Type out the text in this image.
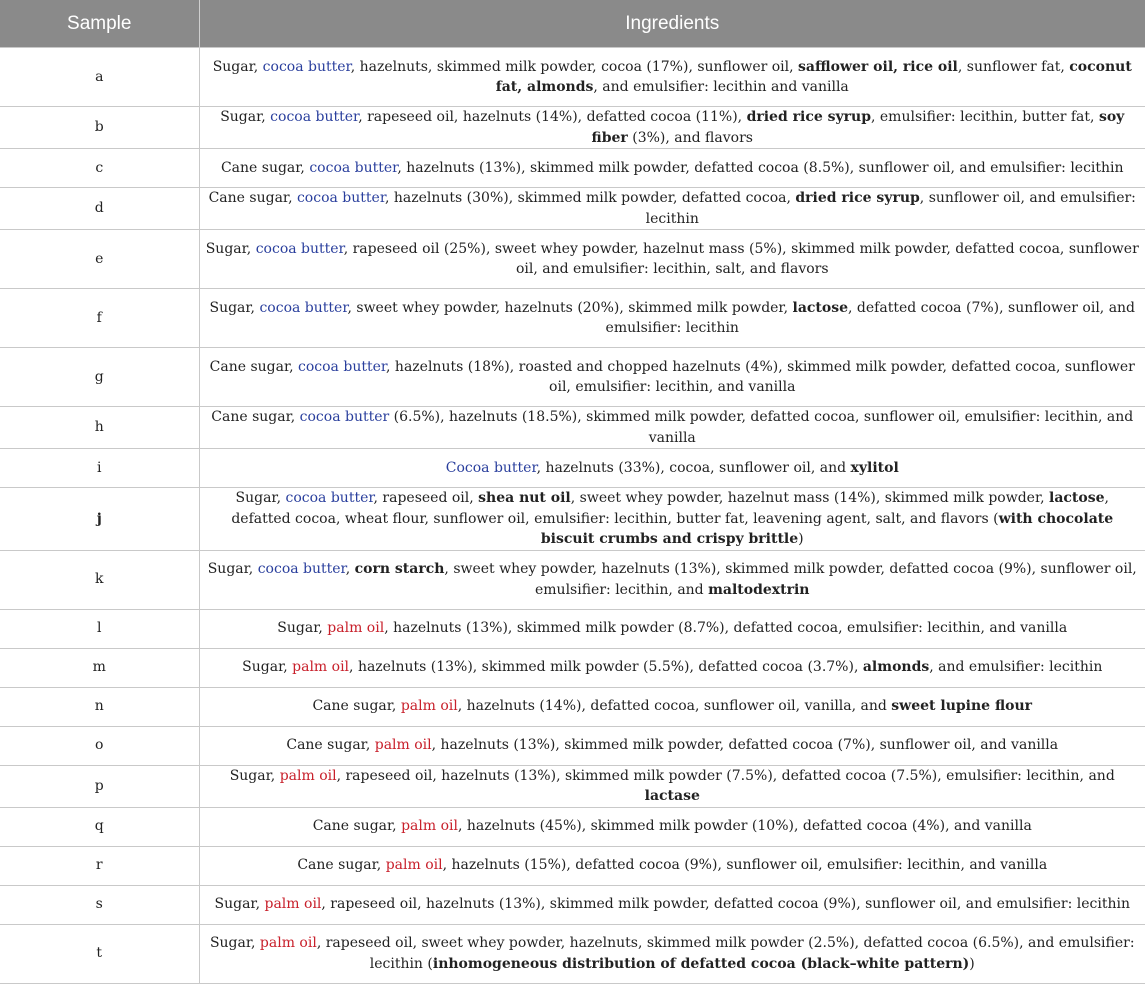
Sample	Ingredients
a	Sugar, cocoa butter, hazelnuts, skimmed milk powder, cocoa (17%), sunflower oil, safflower oil, rice oil, sunflower fat, coconut fat, almonds, and emulsifier: lecithin and vanilla
b	Sugar, cocoa butter, rapeseed oil, hazelnuts (14%), defatted cocoa (11%), dried rice syrup, emulsifier: lecithin, butter fat, soy fiber (3%), and flavors
c	Cane sugar, cocoa butter, hazelnuts (13%), skimmed milk powder, defatted cocoa (8.5%), sunflower oil, and emulsifier: lecithin
d	Cane sugar, cocoa butter, hazelnuts (30%), skimmed milk powder, defatted cocoa, dried rice syrup, sunflower oil, and emulsifier: lecithin
e	Sugar, cocoa butter, rapeseed oil (25%), sweet whey powder, hazelnut mass (5%), skimmed milk powder, defatted cocoa, sunflower oil, and emulsifier: lecithin, salt, and flavors
f	Sugar, cocoa butter, sweet whey powder, hazelnuts (20%), skimmed milk powder, lactose, defatted cocoa (7%), sunflower oil, and emulsifier: lecithin
g	Cane sugar, cocoa butter, hazelnuts (18%), roasted and chopped hazelnuts (4%), skimmed milk powder, defatted cocoa, sunflower oil, emulsifier: lecithin, and vanilla
h	Cane sugar, cocoa butter (6.5%), hazelnuts (18.5%), skimmed milk powder, defatted cocoa, sunflower oil, emulsifier: lecithin, and vanilla
i	Cocoa butter, hazelnuts (33%), cocoa, sunflower oil, and xylitol
j	Sugar, cocoa butter, rapeseed oil, shea nut oil, sweet whey powder, hazelnut mass (14%), skimmed milk powder, lactose, defatted cocoa, wheat flour, sunflower oil, emulsifier: lecithin, butter fat, leavening agent, salt, and flavors (with chocolate biscuit crumbs and crispy brittle)
k	Sugar, cocoa butter, corn starch, sweet whey powder, hazelnuts (13%), skimmed milk powder, defatted cocoa (9%), sunflower oil, emulsifier: lecithin, and maltodextrin
l	Sugar, palm oil, hazelnuts (13%), skimmed milk powder (8.7%), defatted cocoa, emulsifier: lecithin, and vanilla
m	Sugar, palm oil, hazelnuts (13%), skimmed milk powder (5.5%), defatted cocoa (3.7%), almonds, and emulsifier: lecithin
n	Cane sugar, palm oil, hazelnuts (14%), defatted cocoa, sunflower oil, vanilla, and sweet lupine flour
o	Cane sugar, palm oil, hazelnuts (13%), skimmed milk powder, defatted cocoa (7%), sunflower oil, and vanilla
p	Sugar, palm oil, rapeseed oil, hazelnuts (13%), skimmed milk powder (7.5%), defatted cocoa (7.5%), emulsifier: lecithin, and lactase
q	Cane sugar, palm oil, hazelnuts (45%), skimmed milk powder (10%), defatted cocoa (4%), and vanilla
r	Cane sugar, palm oil, hazelnuts (15%), defatted cocoa (9%), sunflower oil, emulsifier: lecithin, and vanilla
s	Sugar, palm oil, rapeseed oil, hazelnuts (13%), skimmed milk powder, defatted cocoa (9%), sunflower oil, and emulsifier: lecithin
t	Sugar, palm oil, rapeseed oil, sweet whey powder, hazelnuts, skimmed milk powder (2.5%), defatted cocoa (6.5%), and emulsifier: lecithin (inhomogeneous distribution of defatted cocoa (black–white pattern))
